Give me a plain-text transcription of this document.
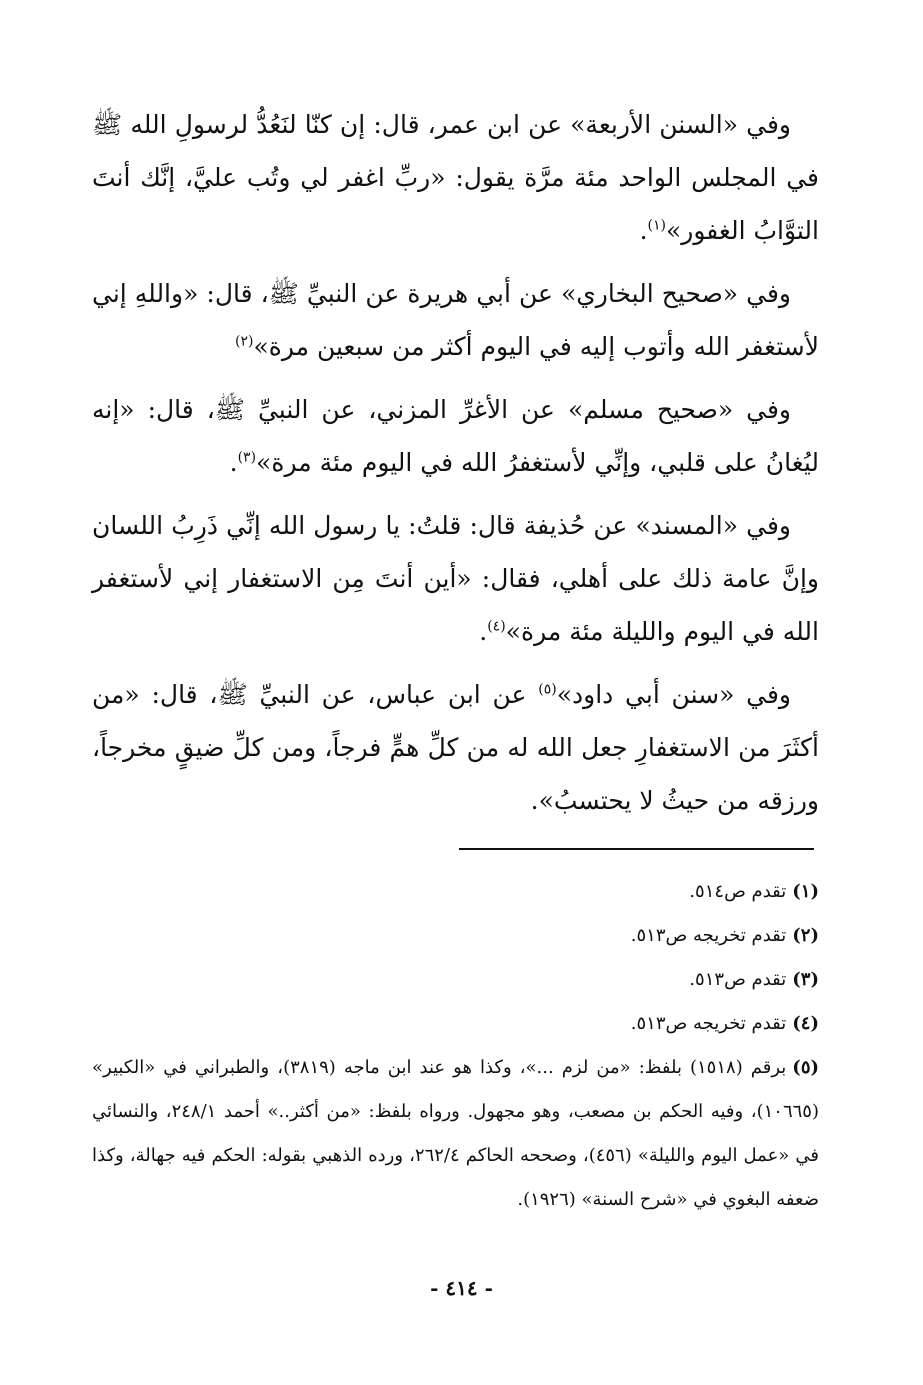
وفي «السنن الأربعة» عن ابن عمر، قال: إن كنّا لنَعُدُّ لرسولِ الله ﷺ في المجلس الواحد مئة مرَّة يقول: «ربِّ اغفر لي وتُب عليَّ، إنَّك أنتَ التوَّابُ الغفور»$^{(١)}$.
وفي «صحيح البخاري» عن أبي هريرة عن النبيِّ ﷺ، قال: «واللهِ إني لأستغفر الله وأتوب إليه في اليوم أكثر من سبعين مرة»$^{(٢)}$
وفي «صحيح مسلم» عن الأغرِّ المزني، عن النبيِّ ﷺ، قال: «إنه ليُغانُ على قلبي، وإنِّي لأستغفرُ الله في اليوم مئة مرة»$^{(٣)}$.
وفي «المسند» عن حُذيفة قال: قلتُ: يا رسول الله إنِّي ذَرِبُ اللسان وإنَّ عامة ذلك على أهلي، فقال: «أين أنتَ مِن الاستغفار إني لأستغفر الله في اليوم والليلة مئة مرة»$^{(٤)}$.
وفي «سنن أبي داود»$^{(٥)}$ عن ابن عباس، عن النبيِّ ﷺ، قال: «من أكثَرَ من الاستغفارِ جعل الله له من كلِّ همٍّ فرجاً، ومن كلِّ ضيقٍ مخرجاً، ورزقه من حيثُ لا يحتسبُ».

(١)تقدم ص٥١٤.

(٢)تقدم تخريجه ص٥١٣.

(٣)تقدم ص٥١٣.

(٤)تقدم تخريجه ص٥١٣.

(٥)برقم (١٥١٨) بلفظ: «من لزم ...»، وكذا هو عند ابن ماجه (٣٨١٩)، والطبراني في «الكبير» (١٠٦٦٥)، وفيه الحكم بن مصعب، وهو مجهول. ورواه بلفظ: «من أكثر..» أحمد ٢٤٨/١، والنسائي في «عمل اليوم والليلة» (٤٥٦)، وصححه الحاكم ٢٦٢/٤، ورده الذهبي بقوله: الحكم فيه جهالة، وكذا ضعفه البغوي في «شرح السنة» (١٩٢٦).

- ٤١٤ -
